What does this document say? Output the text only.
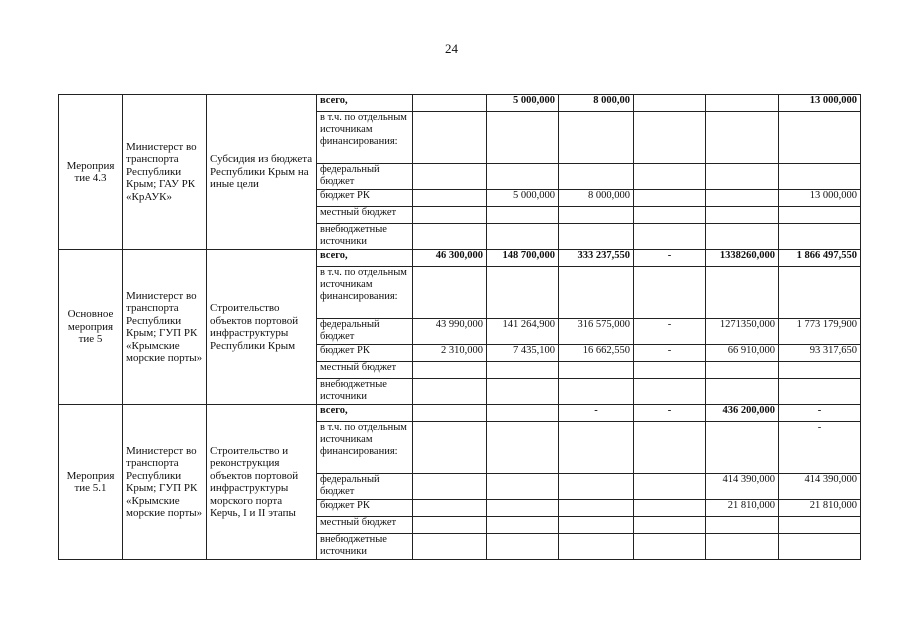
24
Мероприя тие 4.3	Министерст во транспорта Республики Крым; ГАУ РК «КрАУК»	Субсидия из бюджета Республики Крым на иные цели	всего,		5 000,000	8 000,00			13 000,000
			в т.ч. по отдельным источникам финансирования:						
			федеральный бюджет						
			бюджет РК		5 000,000	8 000,000			13 000,000
			местный бюджет						
			внебюджетные источники						
Основное мероприя тие 5	Министерст во транспорта Республики Крым; ГУП РК «Крымские морские порты»	Строительство объектов портовой инфраструктуры Республики Крым	всего,	46 300,000	148 700,000	333 237,550	-	1338260,000	1 866 497,550
			в т.ч. по отдельным источникам финансирования:						
			федеральный бюджет	43 990,000	141 264,900	316 575,000	-	1271350,000	1 773 179,900
			бюджет РК	2 310,000	7 435,100	16 662,550	-	66 910,000	93 317,650
			местный бюджет						
			внебюджетные источники						
Мероприя тие 5.1	Министерст во транспорта Республики Крым; ГУП РК «Крымские морские порты»	Строительство и реконструкция объектов портовой инфраструктуры морского порта Керчь, I и II этапы	всего,			-	-	436 200,000	-
			в т.ч. по отдельным источникам финансирования:						-
			федеральный бюджет					414 390,000	414 390,000
			бюджет РК					21 810,000	21 810,000
			местный бюджет						
			внебюджетные источники						
